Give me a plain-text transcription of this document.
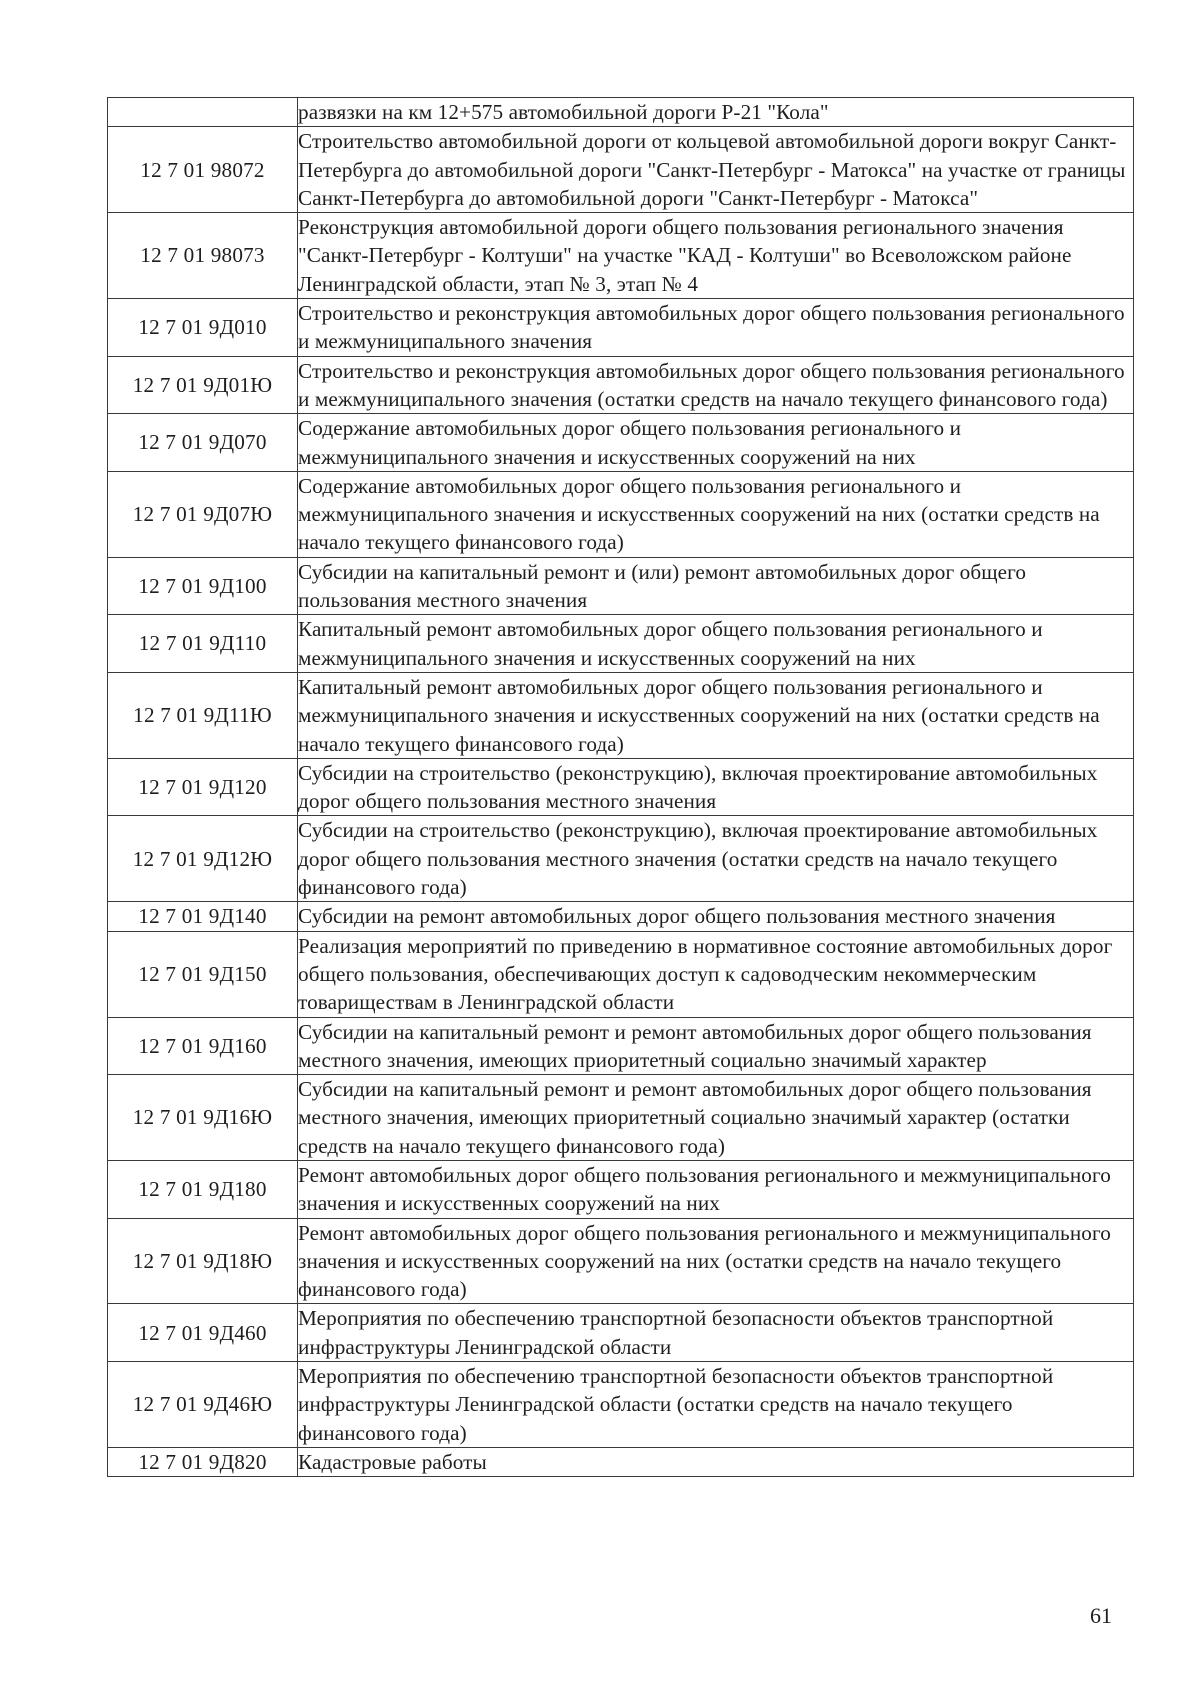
	развязки на км 12+575 автомобильной дороги Р-21 "Кола"
12 7 01 98072	Строительство автомобильной дороги от кольцевой автомобильной дороги вокруг Санкт-Петербурга до автомобильной дороги "Санкт-Петербург - Матокса" на участке от границы Санкт-Петербурга до автомобильной дороги "Санкт-Петербург - Матокса"
12 7 01 98073	Реконструкция автомобильной дороги общего пользования регионального значения "Санкт-Петербург - Колтуши" на участке "КАД - Колтуши" во Всеволожском районе Ленинградской области, этап № 3, этап № 4
12 7 01 9Д010	Строительство и реконструкция автомобильных дорог общего пользования регионального и межмуниципального значения
12 7 01 9Д01Ю	Строительство и реконструкция автомобильных дорог общего пользования регионального и межмуниципального значения (остатки средств на начало текущего финансового года)
12 7 01 9Д070	Содержание автомобильных дорог общего пользования регионального и межмуниципального значения и искусственных сооружений на них
12 7 01 9Д07Ю	Содержание автомобильных дорог общего пользования регионального и межмуниципального значения и искусственных сооружений на них (остатки средств на начало текущего финансового года)
12 7 01 9Д100	Субсидии на капитальный ремонт и (или) ремонт автомобильных дорог общего пользования местного значения
12 7 01 9Д110	Капитальный ремонт автомобильных дорог общего пользования регионального и межмуниципального значения и искусственных сооружений на них
12 7 01 9Д11Ю	Капитальный ремонт автомобильных дорог общего пользования регионального и межмуниципального значения и искусственных сооружений на них (остатки средств на начало текущего финансового года)
12 7 01 9Д120	Субсидии на строительство (реконструкцию), включая проектирование автомобильных дорог общего пользования местного значения
12 7 01 9Д12Ю	Субсидии на строительство (реконструкцию), включая проектирование автомобильных дорог общего пользования местного значения (остатки средств на начало текущего финансового года)
12 7 01 9Д140	Субсидии на ремонт автомобильных дорог общего пользования местного значения
12 7 01 9Д150	Реализация мероприятий по приведению в нормативное состояние автомобильных дорог общего пользования, обеспечивающих доступ к садоводческим некоммерческим товариществам в Ленинградской области
12 7 01 9Д160	Субсидии на капитальный ремонт и ремонт автомобильных дорог общего пользования местного значения, имеющих приоритетный социально значимый характер
12 7 01 9Д16Ю	Субсидии на капитальный ремонт и ремонт автомобильных дорог общего пользования местного значения, имеющих приоритетный социально значимый характер (остатки средств на начало текущего финансового года)
12 7 01 9Д180	Ремонт автомобильных дорог общего пользования регионального и межмуниципального значения и искусственных сооружений на них
12 7 01 9Д18Ю	Ремонт автомобильных дорог общего пользования регионального и межмуниципального значения и искусственных сооружений на них (остатки средств на начало текущего финансового года)
12 7 01 9Д460	Мероприятия по обеспечению транспортной безопасности объектов транспортной инфраструктуры Ленинградской области
12 7 01 9Д46Ю	Мероприятия по обеспечению транспортной безопасности объектов транспортной инфраструктуры Ленинградской области (остатки средств на начало текущего финансового года)
12 7 01 9Д820	Кадастровые работы
61
